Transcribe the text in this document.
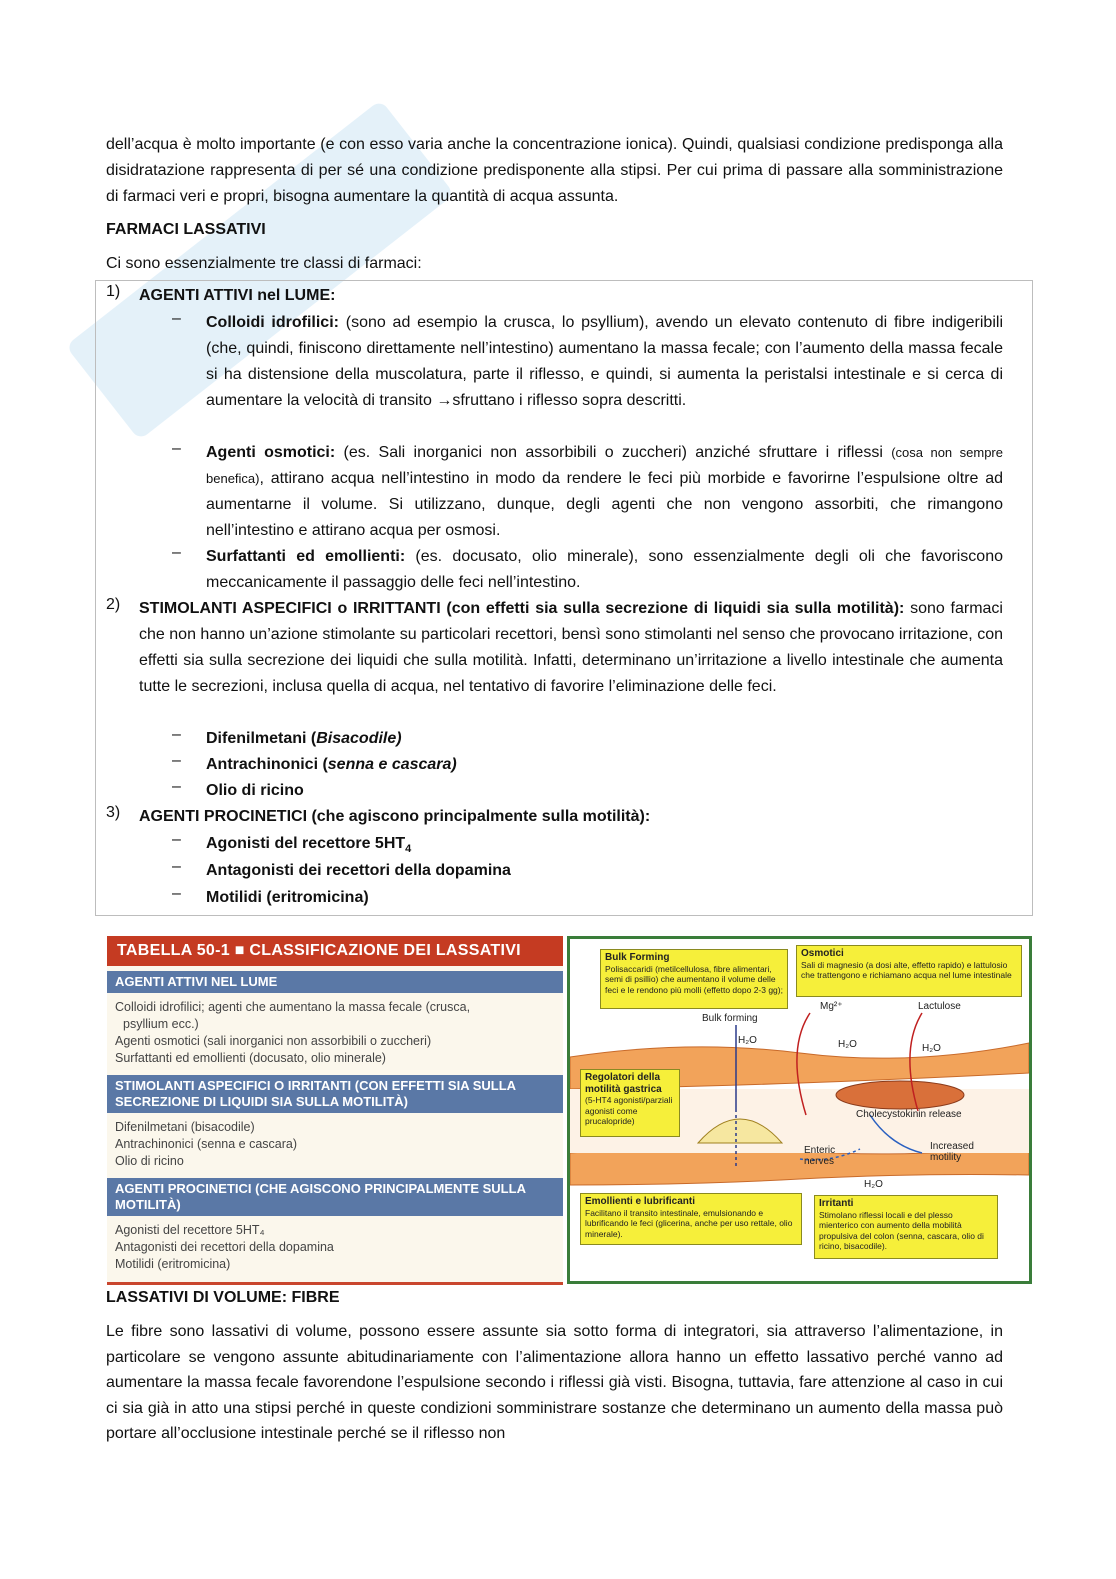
dell’acqua è molto importante (e con esso varia anche la concentrazione ionica). Quindi, qualsiasi condizione predisponga alla disidratazione rappresenta di per sé una condizione predisponente alla stipsi. Per cui prima di passare alla somministrazione di farmaci veri e propri, bisogna aumentare la quantità di acqua assunta.
FARMACI LASSATIVI
Ci sono essenzialmente tre classi di farmaci:
1) AGENTI ATTIVI nel LUME:
– Colloidi idrofilici: (sono ad esempio la crusca, lo psyllium), avendo un elevato contenuto di fibre indigeribili (che, quindi, finiscono direttamente nell’intestino) aumentano la massa fecale; con l’aumento della massa fecale si ha distensione della muscolatura, parte il riflesso, e quindi, si aumenta la peristalsi intestinale e si cerca di aumentare la velocità di transito →sfruttano i riflesso sopra descritti.
– Agenti osmotici: (es. Sali inorganici non assorbibili o zuccheri) anziché sfruttare i riflessi (cosa non sempre benefica), attirano acqua nell’intestino in modo da rendere le feci più morbide e favorirne l’espulsione oltre ad aumentarne il volume. Si utilizzano, dunque, degli agenti che non vengono assorbiti, che rimangono nell’intestino e attirano acqua per osmosi.
– Surfattanti ed emollienti: (es. docusato, olio minerale), sono essenzialmente degli oli che favoriscono meccanicamente il passaggio delle feci nell’intestino.
2) STIMOLANTI ASPECIFICI o IRRITTANTI (con effetti sia sulla secrezione di liquidi sia sulla motilità): sono farmaci che non hanno un’azione stimolante su particolari recettori, bensì sono stimolanti nel senso che provocano irritazione, con effetti sia sulla secrezione dei liquidi che sulla motilità. Infatti, determinano un’irritazione a livello intestinale che aumenta tutte le secrezioni, inclusa quella di acqua, nel tentativo di favorire l’eliminazione delle feci.
– Difenilmetani (Bisacodile)
– Antrachinonici (senna e cascara)
– Olio di ricino
3) AGENTI PROCINETICI (che agiscono principalmente sulla motilità):
– Agonisti del recettore $5HT_4$
– Antagonisti dei recettori della dopamina
– Motilidi (eritromicina)
TABELLA 50-1 ■ CLASSIFICAZIONE DEI LASSATIVI
AGENTI ATTIVI NEL LUME
Colloidi idrofilici; agenti che aumentano la massa fecale (crusca,
psyllium ecc.)
Agenti osmotici (sali inorganici non assorbibili o zuccheri)
Surfattanti ed emollienti (docusato, olio minerale)
STIMOLANTI ASPECIFICI O IRRITANTI (CON EFFETTI SIA SULLA SECREZIONE DI LIQUIDI SIA SULLA MOTILITÀ)
Difenilmetani (bisacodile)
Antrachinonici (senna e cascara)
Olio di ricino
AGENTI PROCINETICI (CHE AGISCONO PRINCIPALMENTE SULLA MOTILITÀ)
Agonisti del recettore 5HT₄
Antagonisti dei recettori della dopamina
Motilidi (eritromicina)
Bulk Forming
Polisaccaridi (metilcellulosa, fibre alimentari, semi di psillio) che aumentano il volume delle feci e le rendono più molli (effetto dopo 2-3 gg);
Osmotici
Sali di magnesio (a dosi alte, effetto rapido) e lattulosio che trattengono e richiamano acqua nel lume intestinale
Regolatori della motilità gastrica
(5-HT4 agonisti/parziali agonisti come prucalopride)
Emollienti e lubrificanti
Facilitano il transito intestinale, emulsionando e lubrificando le feci (glicerina, anche per uso rettale, olio minerale).
Irritanti
Stimolano riflessi locali e del plesso mienterico con aumento della mobilità propulsiva del colon (senna, cascara, olio di ricino, bisacodile).
Bulk forming
Mg²⁺	Lactulose
H₂O	H₂O	H₂O
Cholecystokinin release
Enteric nerves
Increased motility
H₂O
LASSATIVI DI VOLUME: FIBRE
Le fibre sono lassativi di volume, possono essere assunte sia sotto forma di integratori, sia attraverso l’alimentazione, in particolare se vengono assunte abitudinariamente con l’alimentazione allora hanno un effetto lassativo perché vanno ad aumentare la massa fecale favorendone l’espulsione secondo i riflessi già visti. Bisogna, tuttavia, fare attenzione al caso in cui ci sia già in atto una stipsi perché in queste condizioni somministrare sostanze che determinano un aumento della massa può portare all’occlusione intestinale perché se il riflesso non
